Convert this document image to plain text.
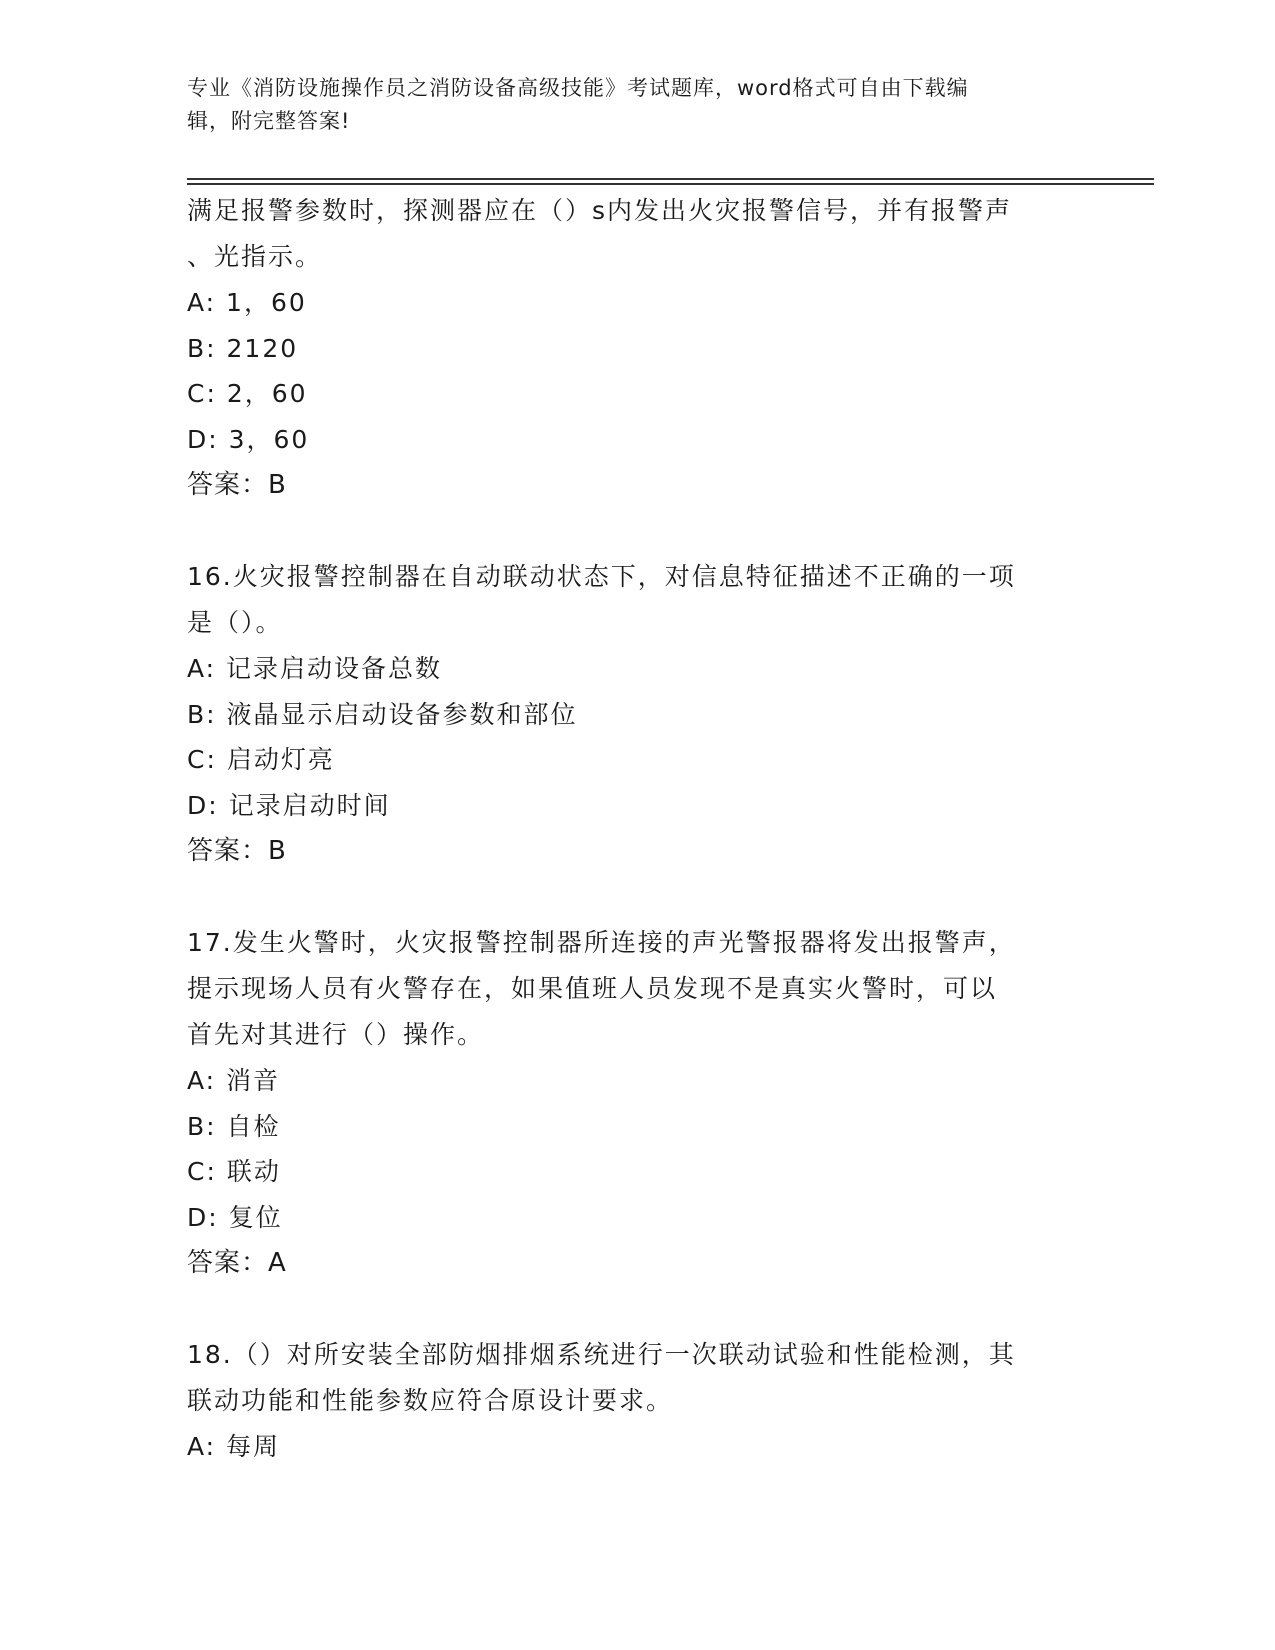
专业《消防设施操作员之消防设备高级技能》考试题库，word格式可自由下载编
辑，附完整答案!
满足报警参数时，探测器应在（）s内发出火灾报警信号，并有报警声
、光指示。
A: 1，60
B: 2120
C: 2，60
D: 3，60
答案：B
16.火灾报警控制器在自动联动状态下，对信息特征描述不正确的一项
是（）。
A: 记录启动设备总数
B: 液晶显示启动设备参数和部位
C: 启动灯亮
D: 记录启动时间
答案：B
17.发生火警时，火灾报警控制器所连接的声光警报器将发出报警声，
提示现场人员有火警存在，如果值班人员发现不是真实火警时，可以
首先对其进行（）操作。
A: 消音
B: 自检
C: 联动
D: 复位
答案：A
18.（）对所安装全部防烟排烟系统进行一次联动试验和性能检测，其
联动功能和性能参数应符合原设计要求。
A: 每周
